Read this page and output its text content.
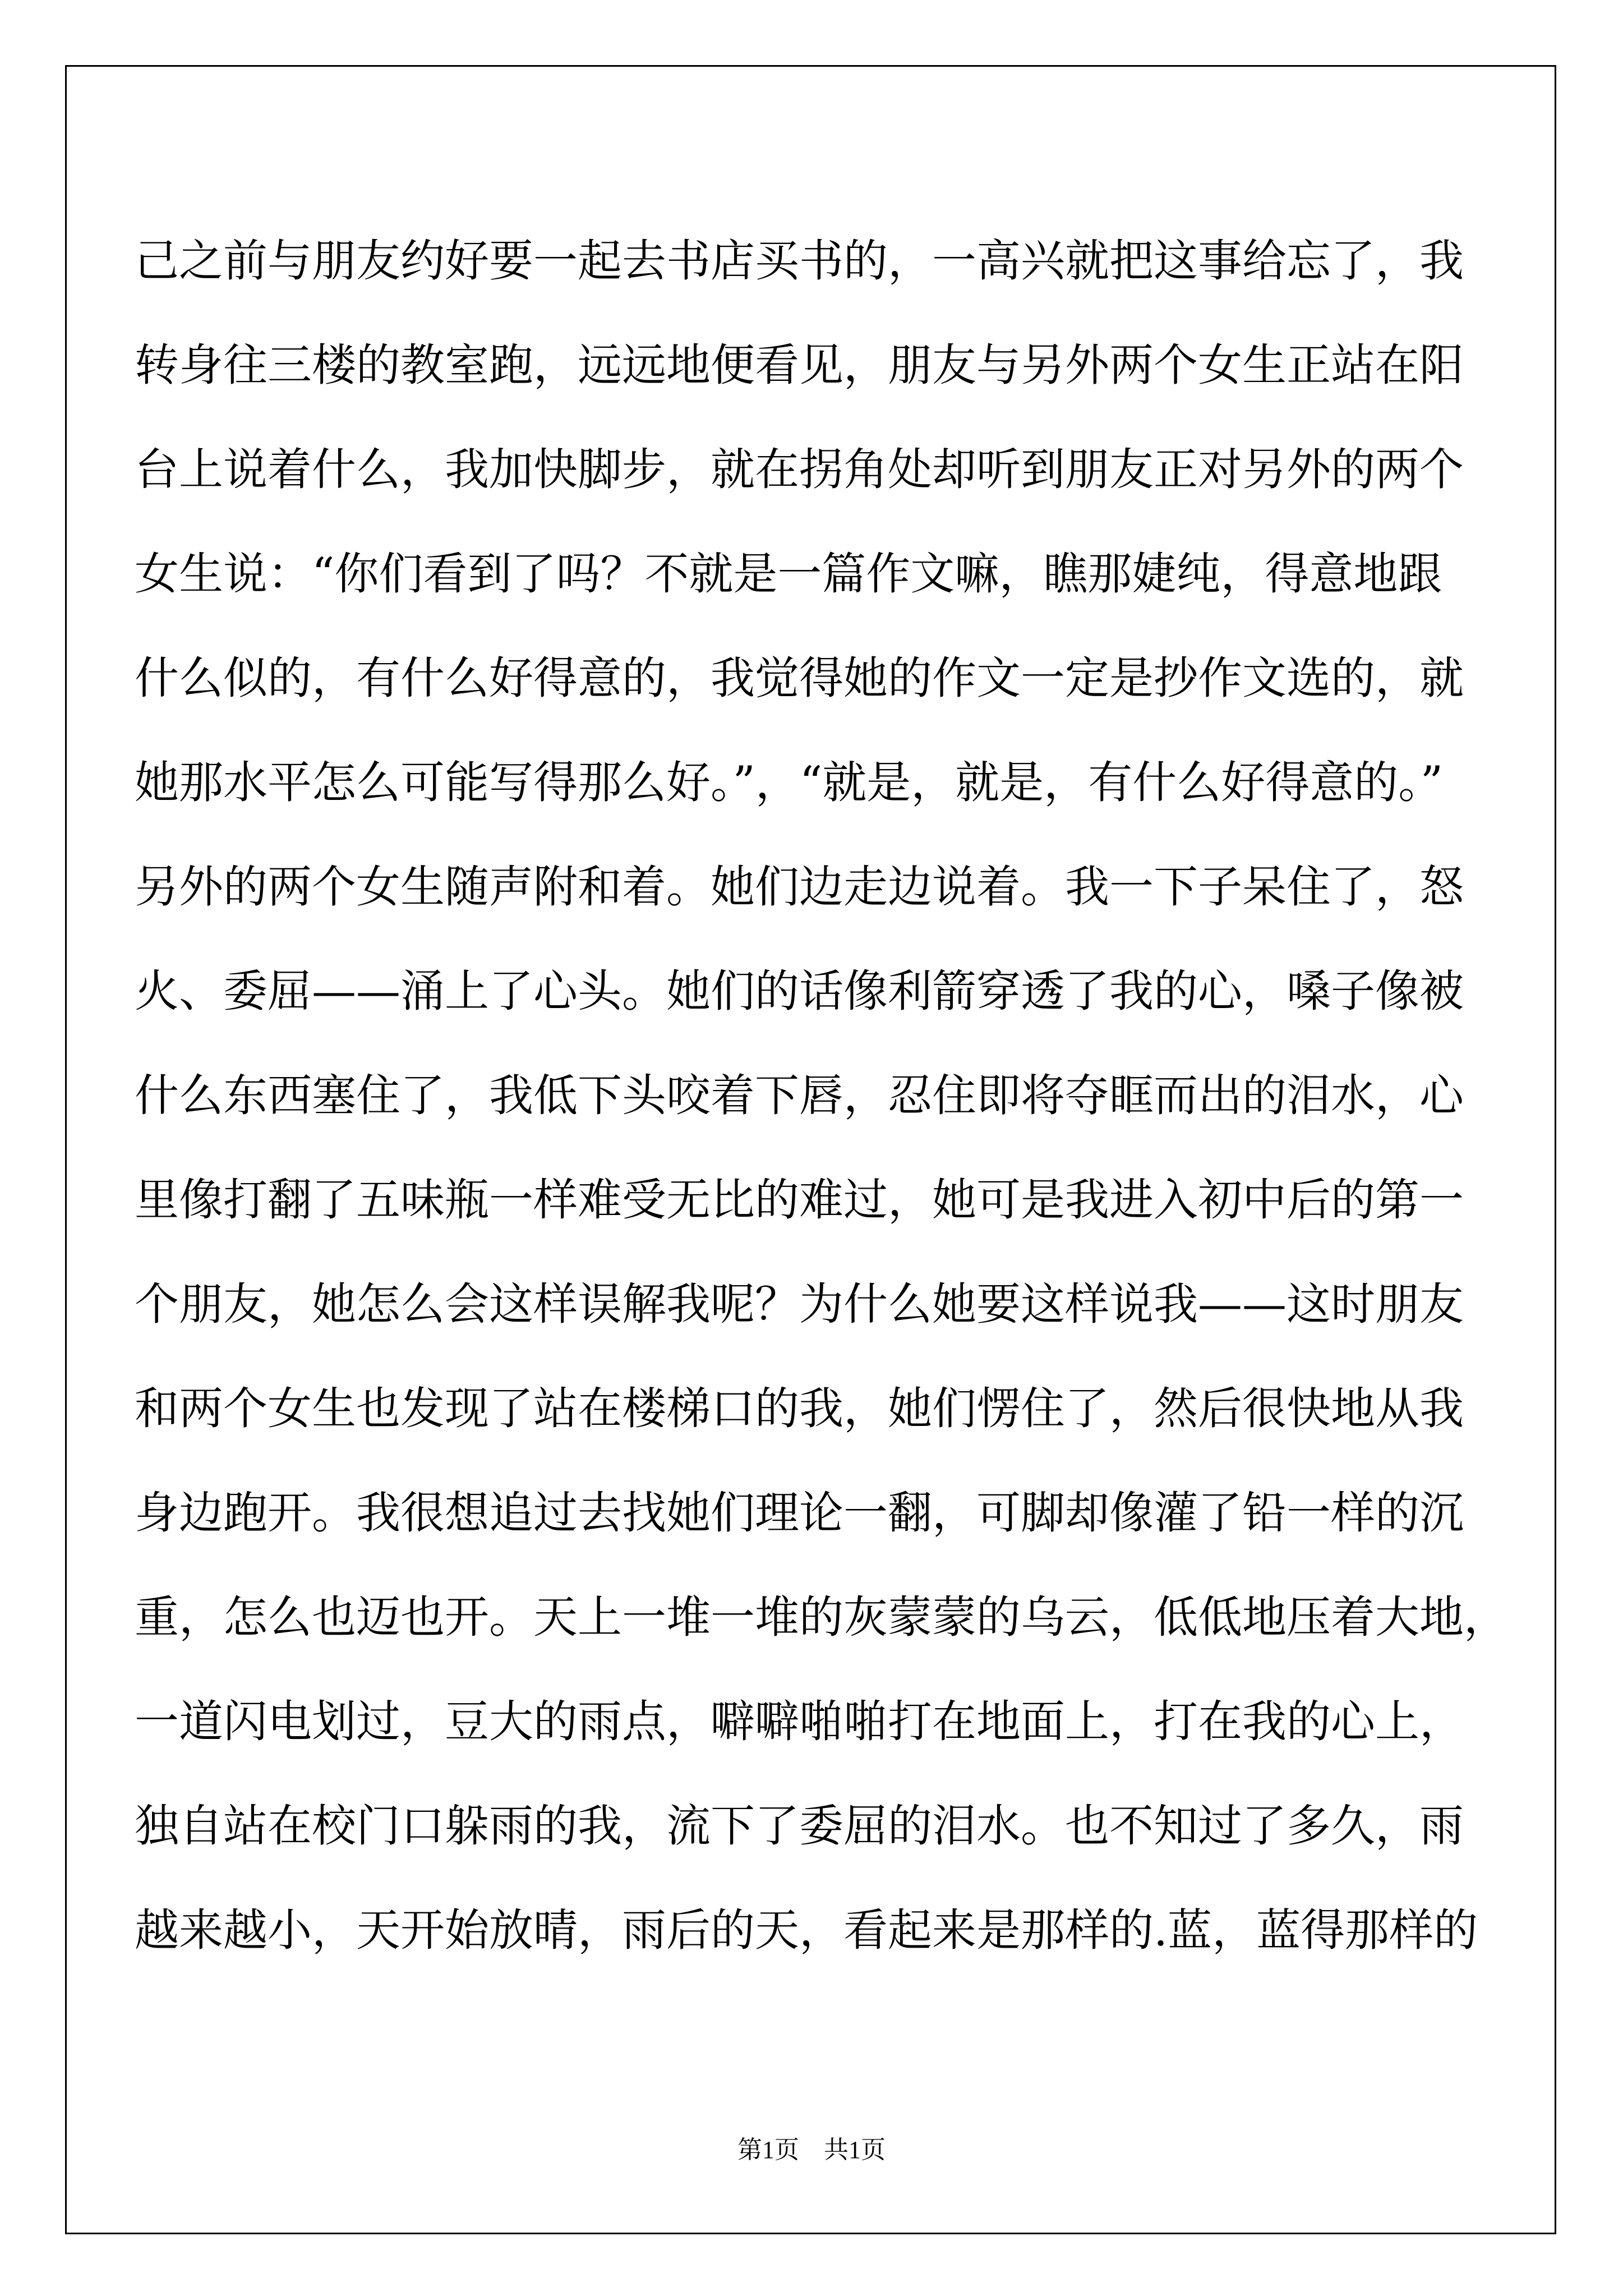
己之前与朋友约好要一起去书店买书的，一高兴就把这事给忘了，我
转身往三楼的教室跑，远远地便看见，朋友与另外两个女生正站在阳
台上说着什么，我加快脚步，就在拐角处却听到朋友正对另外的两个
女生说：“你们看到了吗？不就是一篇作文嘛，瞧那婕纯，得意地跟
什么似的，有什么好得意的，我觉得她的作文一定是抄作文选的，就
她那水平怎么可能写得那么好。”，“就是，就是，有什么好得意的。”
另外的两个女生随声附和着。她们边走边说着。我一下子呆住了，怒
火、委屈——涌上了心头。她们的话像利箭穿透了我的心，嗓子像被
什么东西塞住了，我低下头咬着下唇，忍住即将夺眶而出的泪水，心
里像打翻了五味瓶一样难受无比的难过，她可是我进入初中后的第一
个朋友，她怎么会这样误解我呢？为什么她要这样说我——这时朋友
和两个女生也发现了站在楼梯口的我，她们愣住了，然后很快地从我
身边跑开。我很想追过去找她们理论一翻，可脚却像灌了铅一样的沉
重，怎么也迈也开。天上一堆一堆的灰蒙蒙的乌云，低低地压着大地，
一道闪电划过，豆大的雨点，噼噼啪啪打在地面上，打在我的心上，
独自站在校门口躲雨的我，流下了委屈的泪水。也不知过了多久，雨
越来越小，天开始放晴，雨后的天，看起来是那样的.蓝，蓝得那样的
第1页　共1页
